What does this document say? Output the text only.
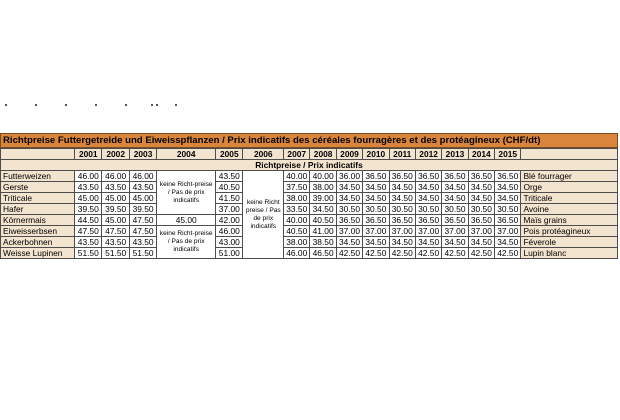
Richtpreise Futtergetreide und Eiweisspflanzen / Prix indicatifs des céréales fourragères et des protéagineux (CHF/dt)
	2001	2002	2003	2004	2005	2006	2007	2008	2009	2010	2011	2012	2013	2014	2015	
Richtpreise / Prix indicatifs																
Futterweizen	46.00	46.00	46.00	keine Richt-preise / Pas de prix indicatifs	43.50	keine Richt preise / Pas de prix indicatifs	40.00	40.00	36.00	36.50	36.50	36.50	36.50	36.50	36.50	Blé fourrager
Gerste	43.50	43.50	43.50		40.50		37.50	38.00	34.50	34.50	34.50	34.50	34.50	34.50	34.50	Orge
Triticale	45.00	45.00	45.00		41.50		38.00	39.00	34.50	34.50	34.50	34.50	34.50	34.50	34.50	Triticale
Hafer	39.50	39.50	39.50		37.00		33.50	34.50	30.50	30.50	30.50	30.50	30.50	30.50	30.50	Avoine
Körnermais	44.50	45.00	47.50	45.00	42.00		40.00	40.50	36.50	36.50	36.50	36.50	36.50	36.50	36.50	Maïs grains
Eiweisserbsen	47.50	47.50	47.50	keine Richt-preise / Pas de prix indicatifs	46.00		40.50	41.00	37.00	37.00	37.00	37.00	37.00	37.00	37.00	Pois protéagineux
Ackerbohnen	43.50	43.50	43.50		43.00		38.00	38.50	34.50	34.50	34.50	34.50	34.50	34.50	34.50	Féverole
Weisse Lupinen	51.50	51.50	51.50		51.00		46.00	46.50	42.50	42.50	42.50	42.50	42.50	42.50	42.50	Lupin blanc
